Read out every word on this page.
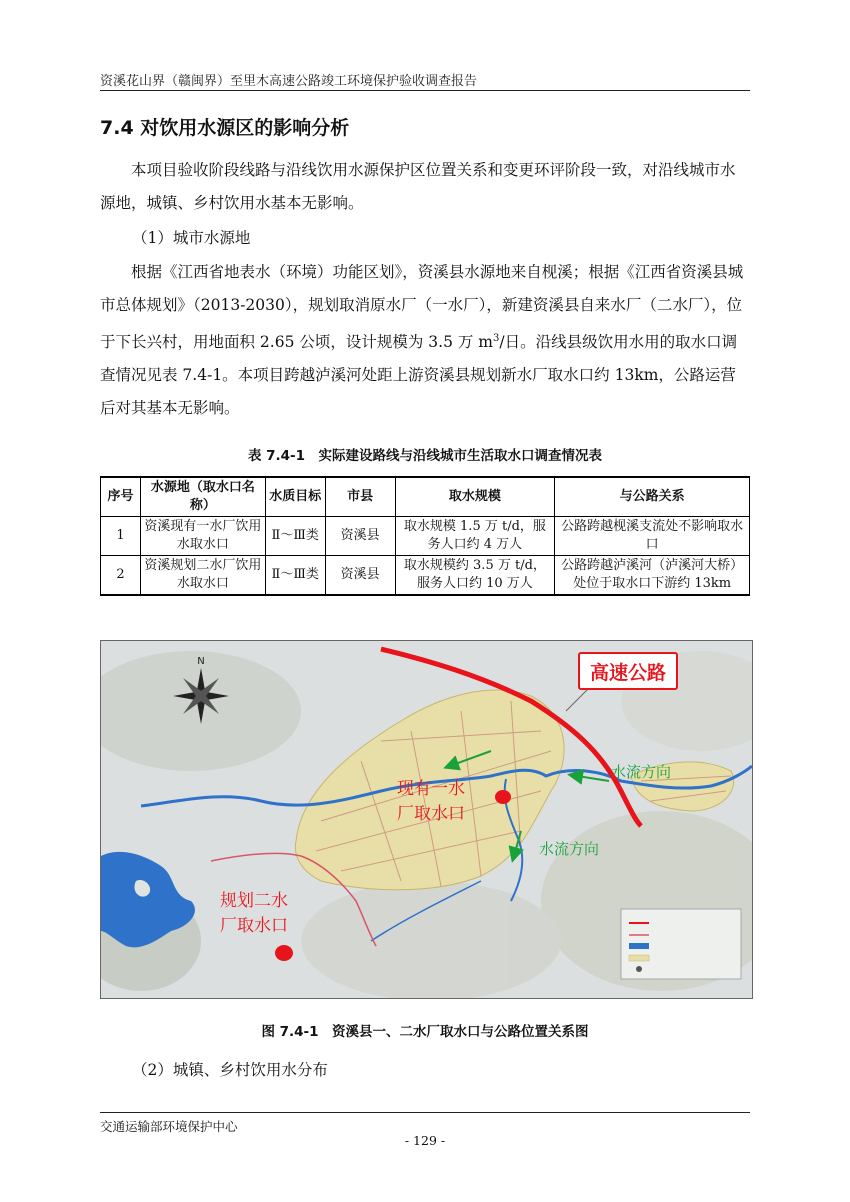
资溪花山界（赣闽界）至里木高速公路竣工环境保护验收调查报告
7.4 对饮用水源区的影响分析
本项目验收阶段线路与沿线饮用水源保护区位置关系和变更环评阶段一致，对沿线城市水源地，城镇、乡村饮用水基本无影响。
（1）城市水源地
根据《江西省地表水（环境）功能区划》，资溪县水源地来自枧溪；根据《江西省资溪县城市总体规划》（2013-2030），规划取消原水厂（一水厂），新建资溪县自来水厂（二水厂），位于下长兴村，用地面积 2.65 公顷，设计规模为 3.5 万 $m^3/$日。沿线县级饮用水用的取水口调查情况见表 7.4-1。本项目跨越泸溪河处距上游资溪县规划新水厂取水口约 13km，公路运营后对其基本无影响。
表 7.4-1　实际建设路线与沿线城市生活取水口调查情况表
序号	水源地（取水口名称）	水质目标	市县	取水规模	与公路关系
1	资溪现有一水厂饮用水取水口	Ⅱ～Ⅲ类	资溪县	取水规模 1.5 万 t/d，服务人口约 4 万人	公路跨越枧溪支流处不影响取水口
2	资溪规划二水厂饮用水取水口	Ⅱ～Ⅲ类	资溪县	取水规模约 3.5 万 t/d，服务人口约 10 万人	公路跨越泸溪河（泸溪河大桥）处位于取水口下游约 13km
高速公路
N
现有一水
厂取水口
规划二水
厂取水口
水流方向
水流方向
图 7.4-1　资溪县一、二水厂取水口与公路位置关系图
（2）城镇、乡村饮用水分布
交通运输部环境保护中心
- 129 -
